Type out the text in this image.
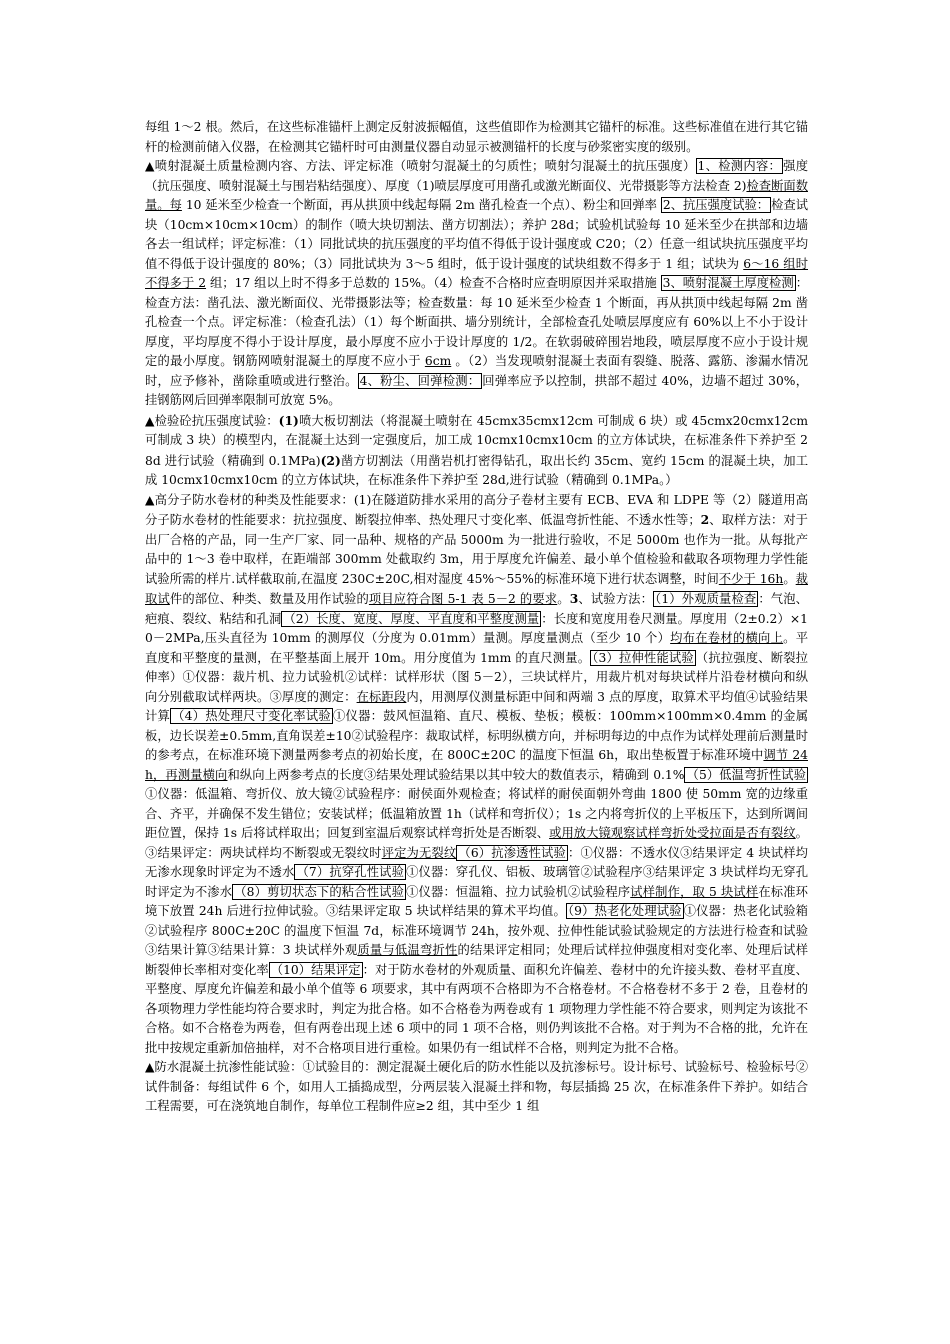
每组 1～2 根。然后，在这些标准锚杆上测定反射波振幅值，这些值即作为检测其它锚杆的标准。这些标准值在进行其它锚杆的检测前储入仪器，在检测其它锚杆时可由测量仪器自动显示被测锚杆的长度与砂浆密实度的级别。

▲喷射混凝土质量检测内容、方法、评定标准（喷射匀混凝土的匀质性；喷射匀混凝土的抗压强度） 1、检测内容： 强度（抗压强度、喷射混凝土与围岩粘结强度）、厚度（1)喷层厚度可用凿孔或激光断面仪、光带摄影等方法检查 2)检查断面数量。每 10 延米至少检查一个断面，再从拱顶中线起每隔 2m 凿孔检查一个点）、粉尘和回弹率 2、抗压强度试验： 检查试块（10cm×10cm×10cm）的制作（喷大块切割法、凿方切割法）；养护 28d；试验机试验每 10 延米至少在拱部和边墙各去一组试样；评定标准：（1）同批试块的抗压强度的平均值不得低于设计强度或 C20；（2）任意一组试块抗压强度平均值不得低于设计强度的 80%；（3）同批试块为 3～5 组时，低于设计强度的试块组数不得多于 1 组；试块为 6～16 组时不得多于 2 组；17 组以上时不得多于总数的 15%。（4）检查不合格时应查明原因并采取措施 3、喷射混凝土厚度检测 ：检查方法：凿孔法、激光断面仪、光带摄影法等；检查数量：每 10 延米至少检查 1 个断面，再从拱顶中线起每隔 2m 凿孔检查一个点。评定标准：（检查孔法）（1）每个断面拱、墙分别统计，全部检查孔处喷层厚度应有 60%以上不小于设计厚度，平均厚度不得小于设计厚度，最小厚度不应小于设计厚度的 1/2。在软弱破碎围岩地段，喷层厚度不应小于设计规定的最小厚度。钢筋网喷射混凝土的厚度不应小于 6cm 。（2）当发现喷射混凝土表面有裂缝、脱落、露筋、渗漏水情况时，应予修补，凿除重喷或进行整治。 4、粉尘、回弹检测： 回弹率应予以控制，拱部不超过 40%，边墙不超过 30%，挂钢筋网后回弹率限制可放宽 5%。

▲检验砼抗压强度试验：(1)喷大板切割法（将混凝土喷射在 45cmx35cmx12cm 可制成 6 块）或 45cmx20cmx12cm 可制成 3 块）的模型内，在混凝土达到一定强度后，加工成 10cmx10cmx10cm 的立方体试块，在标准条件下养护至 28d 进行试验（精确到 0.1MPa)(2)凿方切割法（用凿岩机打密得钻孔，取出长约 35cm、宽约 15cm 的混凝土块，加工成 10cmx10cmx10cm 的立方体试块，在标准条件下养护至 28d,进行试验（精确到 0.1MPa。）

▲高分子防水卷材的种类及性能要求：(1)在隧道防排水采用的高分子卷材主要有 ECB、EVA 和 LDPE 等（2）隧道用高分子防水卷材的性能要求：抗拉强度、断裂拉伸率、热处理尺寸变化率、低温弯折性能、不透水性等；2、取样方法：对于出厂合格的产品，同一生产厂家、同一品种、规格的产品 5000m 为一批进行验收，不足 5000m 也作为一批。从每批产品中的 1～3 卷中取样，在距端部 300mm 处截取约 3m，用于厚度允许偏差、最小单个值检验和截取各项物理力学性能试验所需的样片.试样截取前,在温度 230C±20C,相对湿度 45%～55%的标准环境下进行状态调整，时间不少于 16h。裁取试件的部位、种类、数量及用作试验的项目应符合图 5-1 表 5－2 的要求。3、试验方法： （1）外观质量检查 ：气泡、疤痕、裂纹、粘结和孔洞 （2）长度、宽度、厚度、平直度和平整度测量 ：长度和宽度用卷尺测量。厚度用（2±0.2）×10－2MPa,压头直径为 10mm 的测厚仪（分度为 0.01mm）量测。厚度量测点（至少 10 个）均布在卷材的横向上。平直度和平整度的量测，在平整基面上展开 10m。用分度值为 1mm 的直尺测量。 （3）拉伸性能试验 （抗拉强度、断裂拉伸率）①仪器：裁片机、拉力试验机②试样：试样形状（图 5－2），三块试样片，用裁片机对每块试样片沿卷材横向和纵向分别截取试样两块。③厚度的测定：在标距段内，用测厚仪测量标距中间和两端 3 点的厚度，取算术平均值④试验结果计算 （4）热处理尺寸变化率试验 ①仪器：鼓风恒温箱、直尺、模板、垫板；模板：100mm×100mm×0.4mm 的金属板，边长误差±0.5mm,直角误差±10②试验程序：裁取试样，标明纵横方向，并标明每边的中点作为试样处理前后测量时的参考点，在标准环境下测量两参考点的初始长度，在 800C±20C 的温度下恒温 6h，取出垫板置于标准环境中调节 24h，再测量横向和纵向上两参考点的长度③结果处理试验结果以其中较大的数值表示，精确到 0.1% （5）低温弯折性试验①仪器：低温箱、弯折仪、放大镜②试验程序：耐侯面外观检查；将试样的耐侯面朝外弯曲 1800 使 50mm 宽的边缘重合、齐平，并确保不发生错位；安装试样；低温箱放置 1h（试样和弯折仪）；1s 之内将弯折仪的上平板压下，达到所调间距位置，保持 1s 后将试样取出；回复到室温后观察试样弯折处是否断裂、或用放大镜观察试样弯折处受拉面是否有裂纹。③结果评定：两块试样均不断裂或无裂纹时评定为无裂纹 （6）抗渗透性试验 ：①仪器：不透水仪③结果评定 4 块试样均无渗水现象时评定为不透水 （7）抗穿孔性试验 ①仪器：穿孔仪、铝板、玻璃管②试验程序③结果评定 3 块试样均无穿孔时评定为不渗水 （8）剪切状态下的粘合性试验 ①仪器：恒温箱、拉力试验机②试验程序试样制作，取 5 块试样在标准环境下放置 24h 后进行拉伸试验。③结果评定取 5 块试样结果的算术平均值。 （9）热老化处理试验 ①仪器：热老化试验箱②试验程序 800C±20C 的温度下恒温 7d，标准环境调节 24h，按外观、拉伸性能试验试验规定的方法进行检查和试验③结果计算③结果计算：3 块试样外观质量与低温弯折性的结果评定相同；处理后试样拉伸强度相对变化率、处理后试样断裂伸长率相对变化率 （10）结果评定 ：对于防水卷材的外观质量、面积允许偏差、卷材中的允许接头数、卷材平直度、平整度、厚度允许偏差和最小单个值等 6 项要求，其中有两项不合格即为不合格卷材。不合格卷材不多于 2 卷，且卷材的各项物理力学性能均符合要求时，判定为批合格。如不合格卷为两卷或有 1 项物理力学性能不符合要求，则判定为该批不合格。如不合格卷为两卷，但有两卷出现上述 6 项中的同 1 项不合格，则仍判该批不合格。对于判为不合格的批，允许在批中按规定重新加倍抽样，对不合格项目进行重检。如果仍有一组试样不合格，则判定为批不合格。

▲防水混凝土抗渗性能试验：①试验目的：测定混凝土硬化后的防水性能以及抗渗标号。设计标号、试验标号、检验标号②试件制备：每组试件 6 个，如用人工插捣成型，分两层装入混凝土拌和物，每层插捣 25 次，在标准条件下养护。如结合工程需要，可在浇筑地自制作，每单位工程制件应≥2 组，其中至少 1 组
